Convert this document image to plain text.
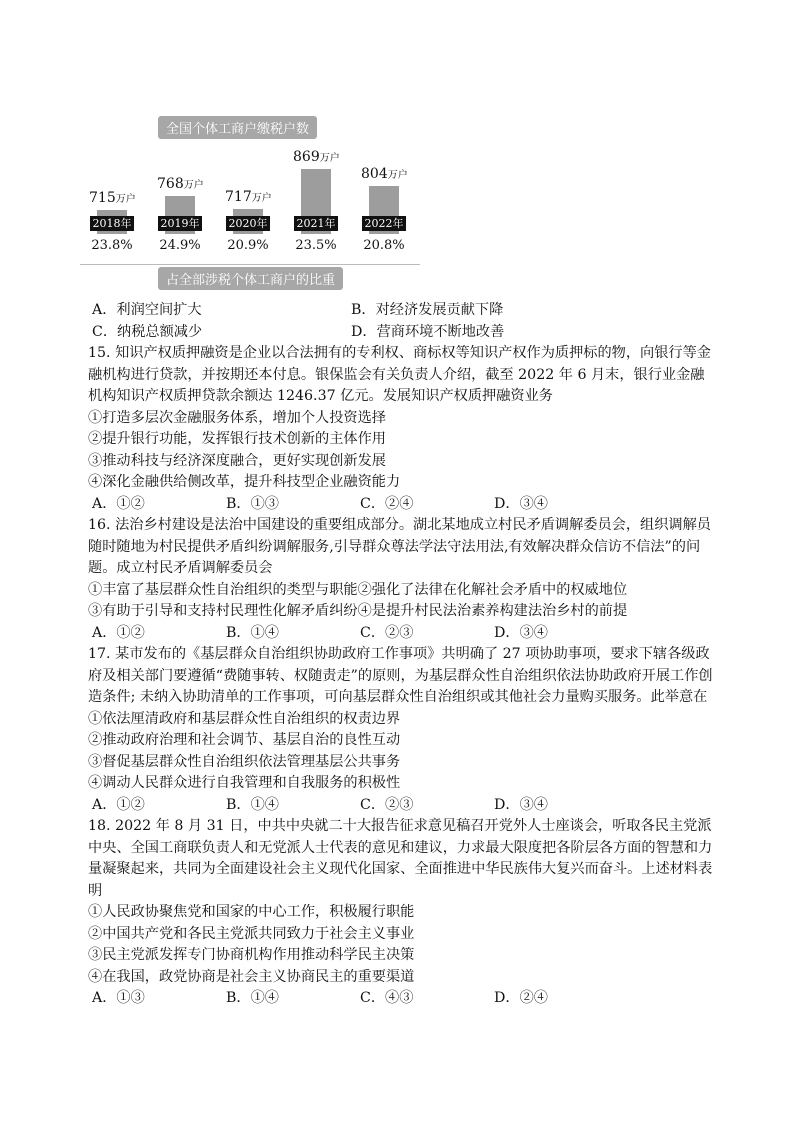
全国个体工商户缴税户数
715万户
2018年
23.8%
768万户
2019年
24.9%
717万户
2020年
20.9%
869万户
2021年
23.5%
804万户
2022年
20.8%
占全部涉税个体工商户的比重
A．利润空间扩大	B．对经济发展贡献下降
C．纳税总额减少	D．营商环境不断地改善

15. 知识产权质押融资是企业以合法拥有的专利权、商标权等知识产权作为质押标的物，向银行等金融机构进行贷款，并按期还本付息。银保监会有关负责人介绍，截至 2022 年 6 月末，银行业金融机构知识产权质押贷款余额达 1246.37 亿元。发展知识产权质押融资业务

①打造多层次金融服务体系，增加个人投资选择

②提升银行功能，发挥银行技术创新的主体作用

③推动科技与经济深度融合，更好实现创新发展

④深化金融供给侧改革，提升科技型企业融资能力

A．①②	B．①③	C．②④	D．③④

16. 法治乡村建设是法治中国建设的重要组成部分。湖北某地成立村民矛盾调解委员会，组织调解员随时随地为村民提供矛盾纠纷调解服务,引导群众尊法学法守法用法,有效解决群众信访不信法”的问题。成立村民矛盾调解委员会

①丰富了基层群众性自治组织的类型与职能②强化了法律在化解社会矛盾中的权威地位

③有助于引导和支持村民理性化解矛盾纠纷④是提升村民法治素养构建法治乡村的前提

A．①②	B．①④	C．②③	D．③④

17. 某市发布的《基层群众自治组织协助政府工作事项》共明确了 27 项协助事项，要求下辖各级政府及相关部门要遵循“费随事转、权随责走”的原则，为基层群众性自治组织依法协助政府开展工作创造条件; 未纳入协助清单的工作事项，可向基层群众性自治组织或其他社会力量购买服务。此举意在

①依法厘清政府和基层群众性自治组织的权责边界

②推动政府治理和社会调节、基层自治的良性互动

③督促基层群众性自治组织依法管理基层公共事务

④调动人民群众进行自我管理和自我服务的积极性

A．①②	B．①④	C．②③	D．③④

18. 2022 年 8 月 31 日，中共中央就二十大报告征求意见稿召开党外人士座谈会，听取各民主党派中央、全国工商联负责人和无党派人士代表的意见和建议，力求最大限度把各阶层各方面的智慧和力量凝聚起来，共同为全面建设社会主义现代化国家、全面推进中华民族伟大复兴而奋斗。上述材料表明

①人民政协聚焦党和国家的中心工作，积极履行职能

②中国共产党和各民主党派共同致力于社会主义事业

③民主党派发挥专门协商机构作用推动科学民主决策

④在我国，政党协商是社会主义协商民主的重要渠道

A．①③	B．①④	C．④③	D．②④
